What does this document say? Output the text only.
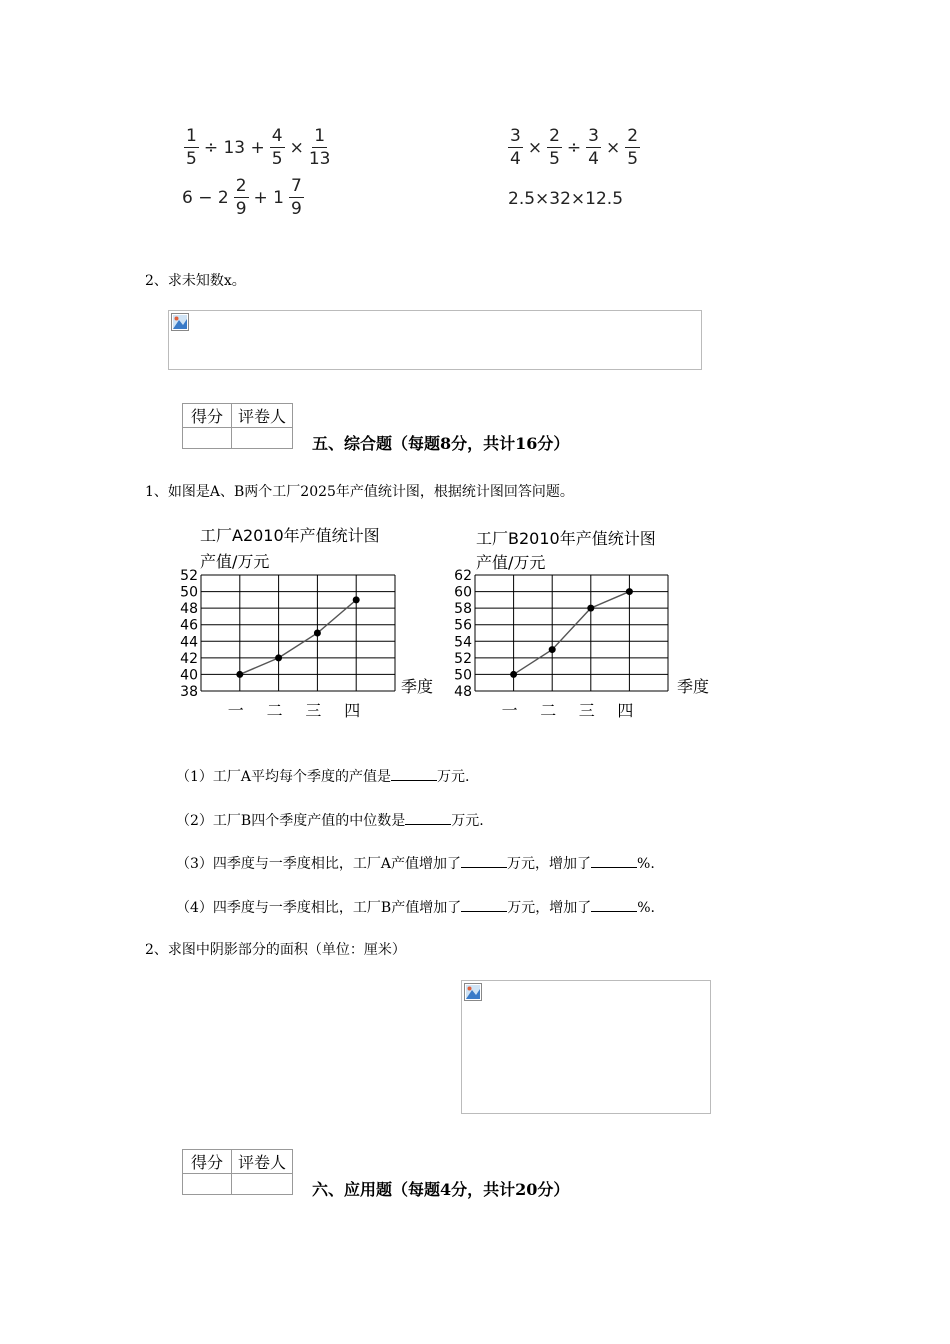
$\frac{1}{5} \div 13 + \frac{4}{5} \times \frac{1}{13}$	$\frac{3}{4} \times \frac{2}{5} \div \frac{3}{4} \times \frac{2}{5}$
$6 - 2 \frac{2}{9} + 1 \frac{7}{9}$	2.5×32×12.5
2、求未知数x。
得分	评卷人

五、综合题（每题8分，共计16分）
1、如图是A、B两个工厂2025年产值统计图，根据统计图回答问题。
工厂A2010年产值统计图
产值/万元
季度
38
40
42
44
46
48
50
52
一 二 三 四
工厂B2010年产值统计图
产值/万元
季度
48
50
52
54
56
58
60
62
一 二 三 四
（1）工厂A平均每个季度的产值是	万元.
（2）工厂B四个季度产值的中位数是	万元.
（3）四季度与一季度相比，工厂A产值增加了	万元，增加了	%.
（4）四季度与一季度相比，工厂B产值增加了	万元，增加了	%.
2、求图中阴影部分的面积（单位：厘米）
得分	评卷人

六、应用题（每题4分，共计20分）
